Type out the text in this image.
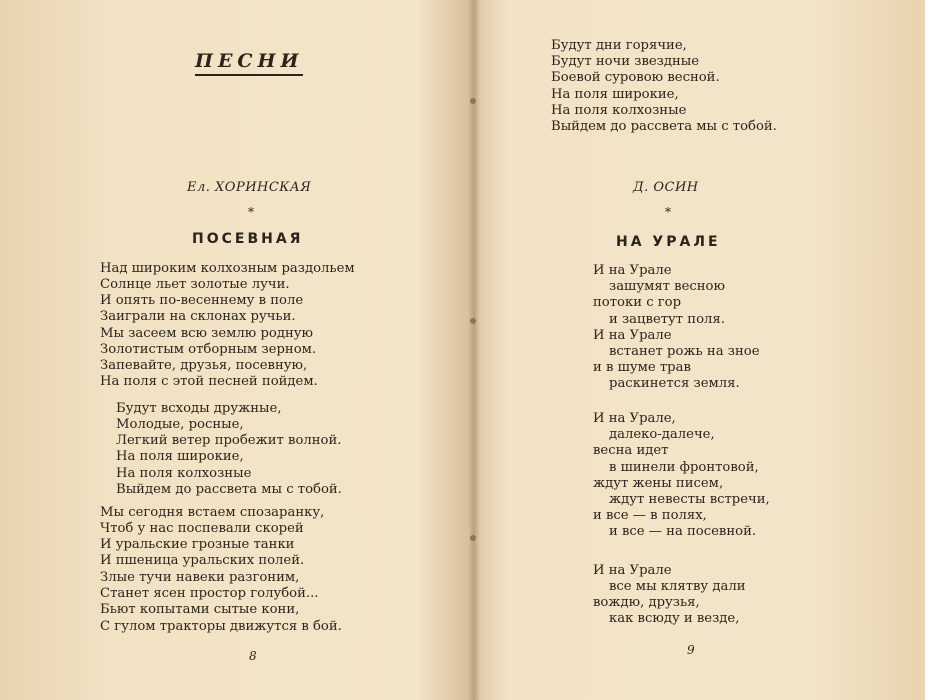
ПЕСНИ

Ел. ХОРИНСКАЯ

*

ПОСЕВНАЯ

Над широким колхозным раздольем

Солнце льет золотые лучи.

И опять по-весеннему в поле

Заиграли на склонах ручьи.

Мы засеем всю землю родную

Золотистым отборным зерном.

Запевайте, друзья, посевную,

На поля с этой песней пойдем.

Будут всходы дружные,

Молодые, росные,

Легкий ветер пробежит волной.

На поля широкие,

На поля колхозные

Выйдем до рассвета мы с тобой.

Мы сегодня встаем спозаранку,

Чтоб у нас поспевали скорей

И уральские грозные танки

И пшеница уральских полей.

Злые тучи навеки разгоним,

Станет ясен простор голубой...

Бьют копытами сытые кони,

С гулом тракторы движутся в бой.

8

Будут дни горячие,

Будут ночи звездные

Боевой суровою весной.

На поля широкие,

На поля колхозные

Выйдем до рассвета мы с тобой.

Д. ОСИН

*

НА УРАЛЕ

И на Урале

зашумят весною

потоки с гор

и зацветут поля.

И на Урале

встанет рожь на зное

и в шуме трав

раскинется земля.

И на Урале,

далеко-далече,

весна идет

в шинели фронтовой,

ждут жены писем,

ждут невесты встречи,

и все — в полях,

и все — на посевной.

И на Урале

все мы клятву дали

вождю, друзья,

как всюду и везде,

9
